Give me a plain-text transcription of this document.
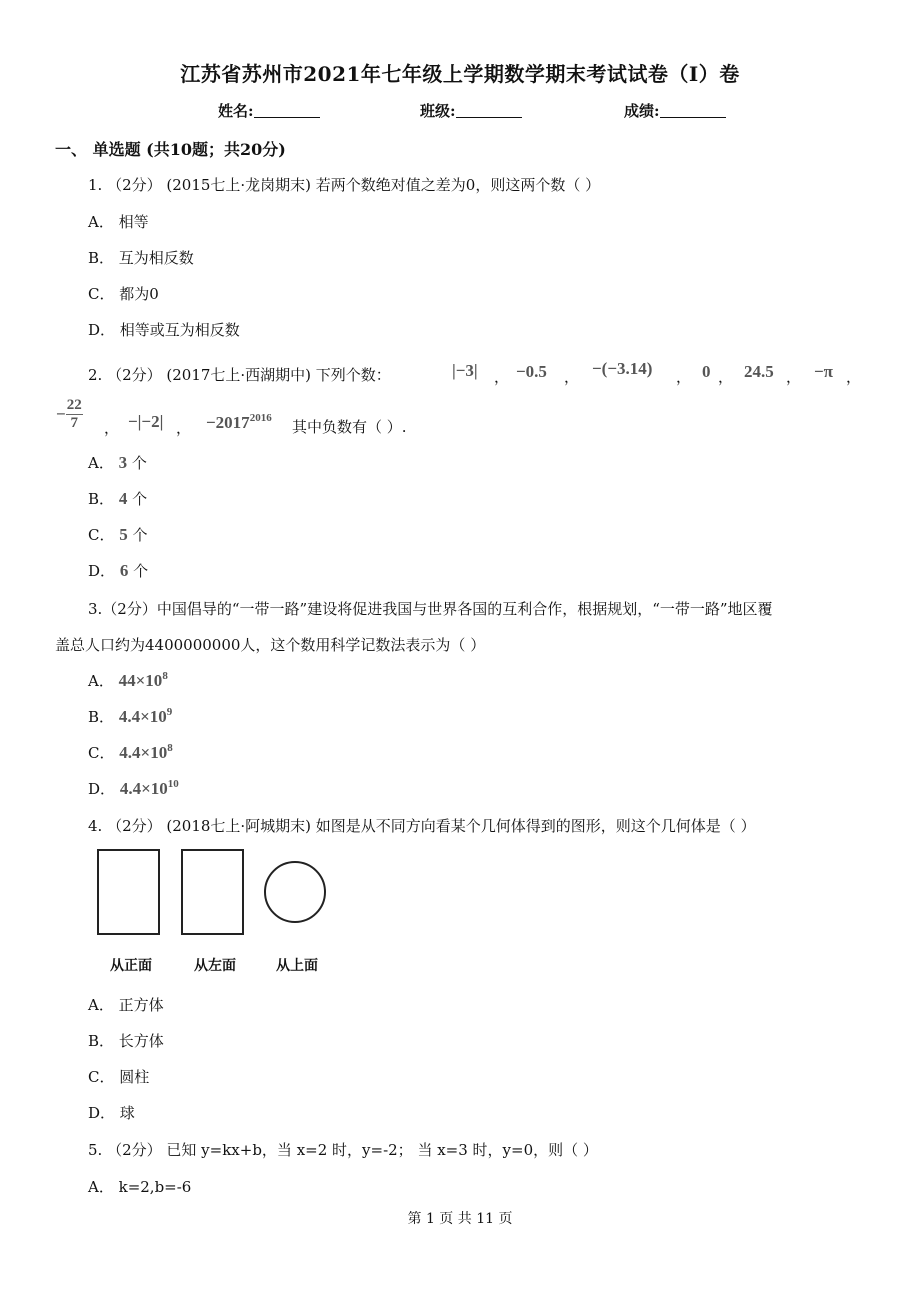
江苏省苏州市2021年七年级上学期数学期末考试试卷（I）卷
姓名:	班级:	成绩:
一、 单选题 (共10题；共20分)
1. （2分） (2015七上·龙岗期末) 若两个数绝对值之差为0，则这两个数（ ）
A． 相等
B． 互为相反数
C． 都为0
D． 相等或互为相反数
2. （2分） (2017七上·西湖期中) 下列个数：	|−3| ， −0.5 ， −(−3.14) ， 0 ， 24.5 ， −π ，
− $\frac{22}{7}$ ， −|−2| ， $-2017^{2016}$ 其中负数有（ ）.
A． 3 个
B． 4 个
C． 5 个
D． 6 个
3.（2分）中国倡导的“一带一路”建设将促进我国与世界各国的互利合作，根据规划，“一带一路”地区覆
盖总人口约为4400000000人，这个数用科学记数法表示为（ ）
A． $44\times 10^8$
B． $4.4\times 10^9$
C． $4.4\times 10^8$
D． $4.4\times 10^{10}$
4. （2分） (2018七上·阿城期末) 如图是从不同方向看某个几何体得到的图形，则这个几何体是（ ）
从正面	从左面	从上面
A． 正方体
B． 长方体
C． 圆柱
D． 球
5. （2分） 已知 y=kx+b，当 x=2 时，y=-2； 当 x=3 时，y=0，则（ ）
A． k=2,b=-6
第 1 页 共 11 页
